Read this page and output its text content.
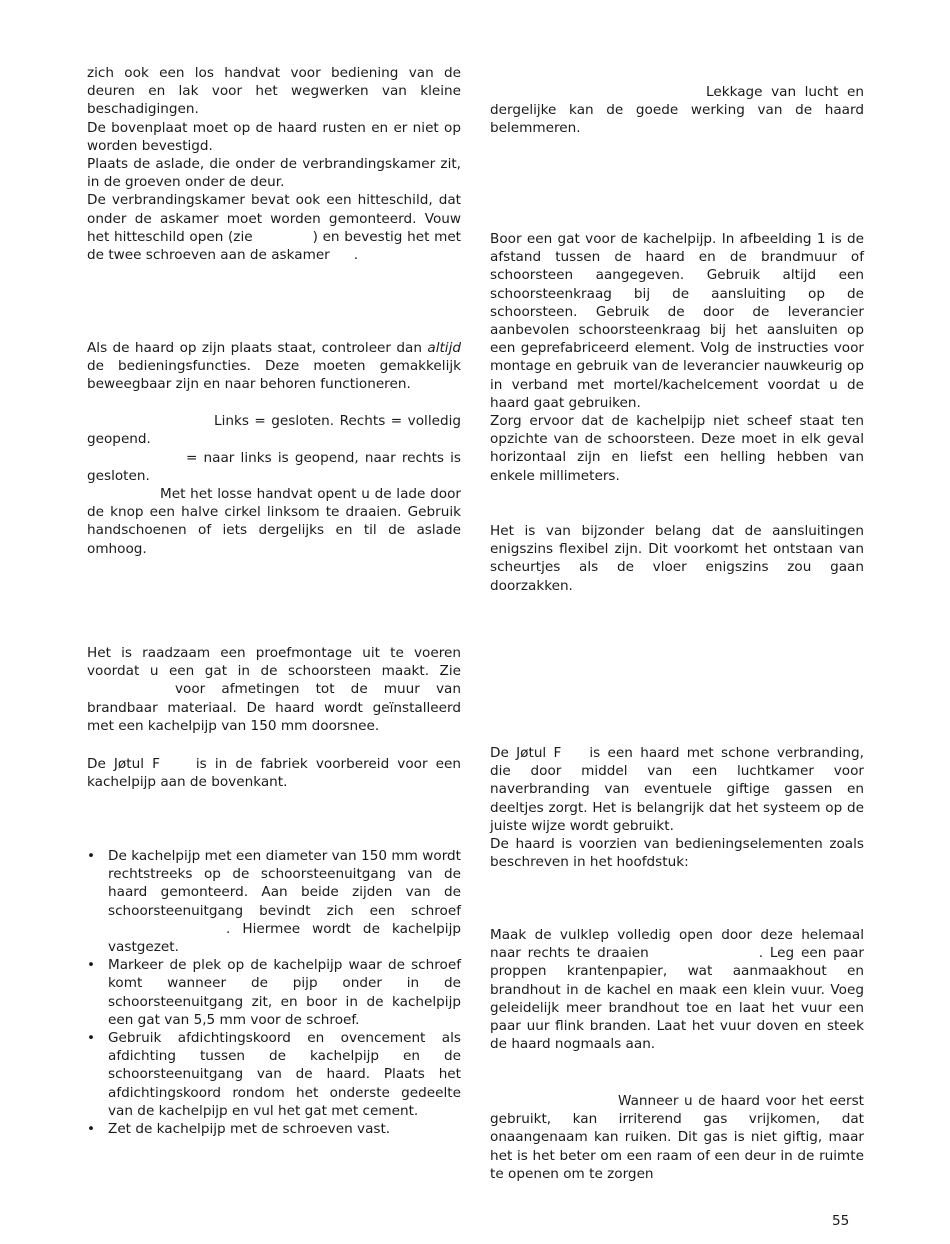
zich ook een los handvat voor bediening van de deuren en lak voor het wegwerken van kleine beschadigingen.

De bovenplaat moet op de haard rusten en er niet op worden bevestigd.

Plaats de aslade, die onder de verbrandingskamer zit, in de groeven onder de deur.

De verbrandingskamer bevat ook een hitteschild, dat onder de askamer moet worden gemonteerd. Vouw het hitteschild open (zie	) en bevestig het met de twee schroeven aan de askamer .

Als de haard op zijn plaats staat, controleer dan altijd de bedieningsfuncties. Deze moeten gemakkelijk beweegbaar zijn en naar behoren functioneren.

Links = gesloten. Rechts = volledig geopend.

= naar links is geopend, naar rechts is gesloten.

Met het losse handvat opent u de lade door de knop een halve cirkel linksom te draaien. Gebruik handschoenen of iets dergelijks en til de aslade omhoog.

Het is raadzaam een proefmontage uit te voeren voordat u een gat in de schoorsteen maakt. Zievoor afmetingen tot de muur van brandbaar materiaal. De haard wordt geïnstalleerd met een kachelpijp van 150 mm doorsnee.

De Jøtul F	is in de fabriek voorbereid voor een kachelpijp aan de bovenkant.

• De kachelpijp met een diameter van 150 mm wordt rechtstreeks op de schoorsteenuitgang van de haard gemonteerd. Aan beide zijden van de schoorsteenuitgang bevindt zich een schroef . Hiermee wordt de kachelpijp vastgezet.
• Markeer de plek op de kachelpijp waar de schroef komt wanneer de pijp onder in de schoorsteenuitgang zit, en boor in de kachelpijp een gat van 5,5 mm voor de schroef.
• Gebruik afdichtingskoord en ovencement als afdichting tussen de kachelpijp en de schoorsteenuitgang van de haard. Plaats het afdichtingskoord rondom het onderste gedeelte van de kachelpijp en vul het gat met cement.
• Zet de kachelpijp met de schroeven vast.

Lekkage van lucht en dergelijke kan de goede werking van de haard belemmeren.

Boor een gat voor de kachelpijp. In afbeelding 1 is de afstand tussen de haard en de brandmuur of schoorsteen aangegeven. Gebruik altijd een schoorsteenkraag bij de aansluiting op de schoorsteen. Gebruik de door de leverancier aanbevolen schoorsteenkraag bij het aansluiten op een geprefabriceerd element. Volg de instructies voor montage en gebruik van de leverancier nauwkeurig op in verband met mortel/kachelcement voordat u de haard gaat gebruiken.

Zorg ervoor dat de kachelpijp niet scheef staat ten opzichte van de schoorsteen. Deze moet in elk geval horizontaal zijn en liefst een helling hebben van enkele millimeters.

Het is van bijzonder belang dat de aansluitingen enigszins flexibel zijn. Dit voorkomt het ontstaan van scheurtjes als de vloer enigszins zou gaan doorzakken.

De Jøtul F is een haard met schone verbranding, die door middel van een luchtkamer voor naverbranding van eventuele giftige gassen en deeltjes zorgt. Het is belangrijk dat het systeem op de juiste wijze wordt gebruikt.

De haard is voorzien van bedieningselementen zoals beschreven in het hoofdstuk:

Maak de vulklep volledig open door deze helemaal naar rechts te draaien	. Leg een paar proppen krantenpapier, wat aanmaakhout en brandhout in de kachel en maak een klein vuur. Voeg geleidelijk meer brandhout toe en laat het vuur een paar uur flink branden. Laat het vuur doven en steek de haard nogmaals aan.

Wanneer u de haard voor het eerst gebruikt, kan irriterend gas vrijkomen, dat onaangenaam kan ruiken. Dit gas is niet giftig, maar het is het beter om een raam of een deur in de ruimte te openen om te zorgen

55
